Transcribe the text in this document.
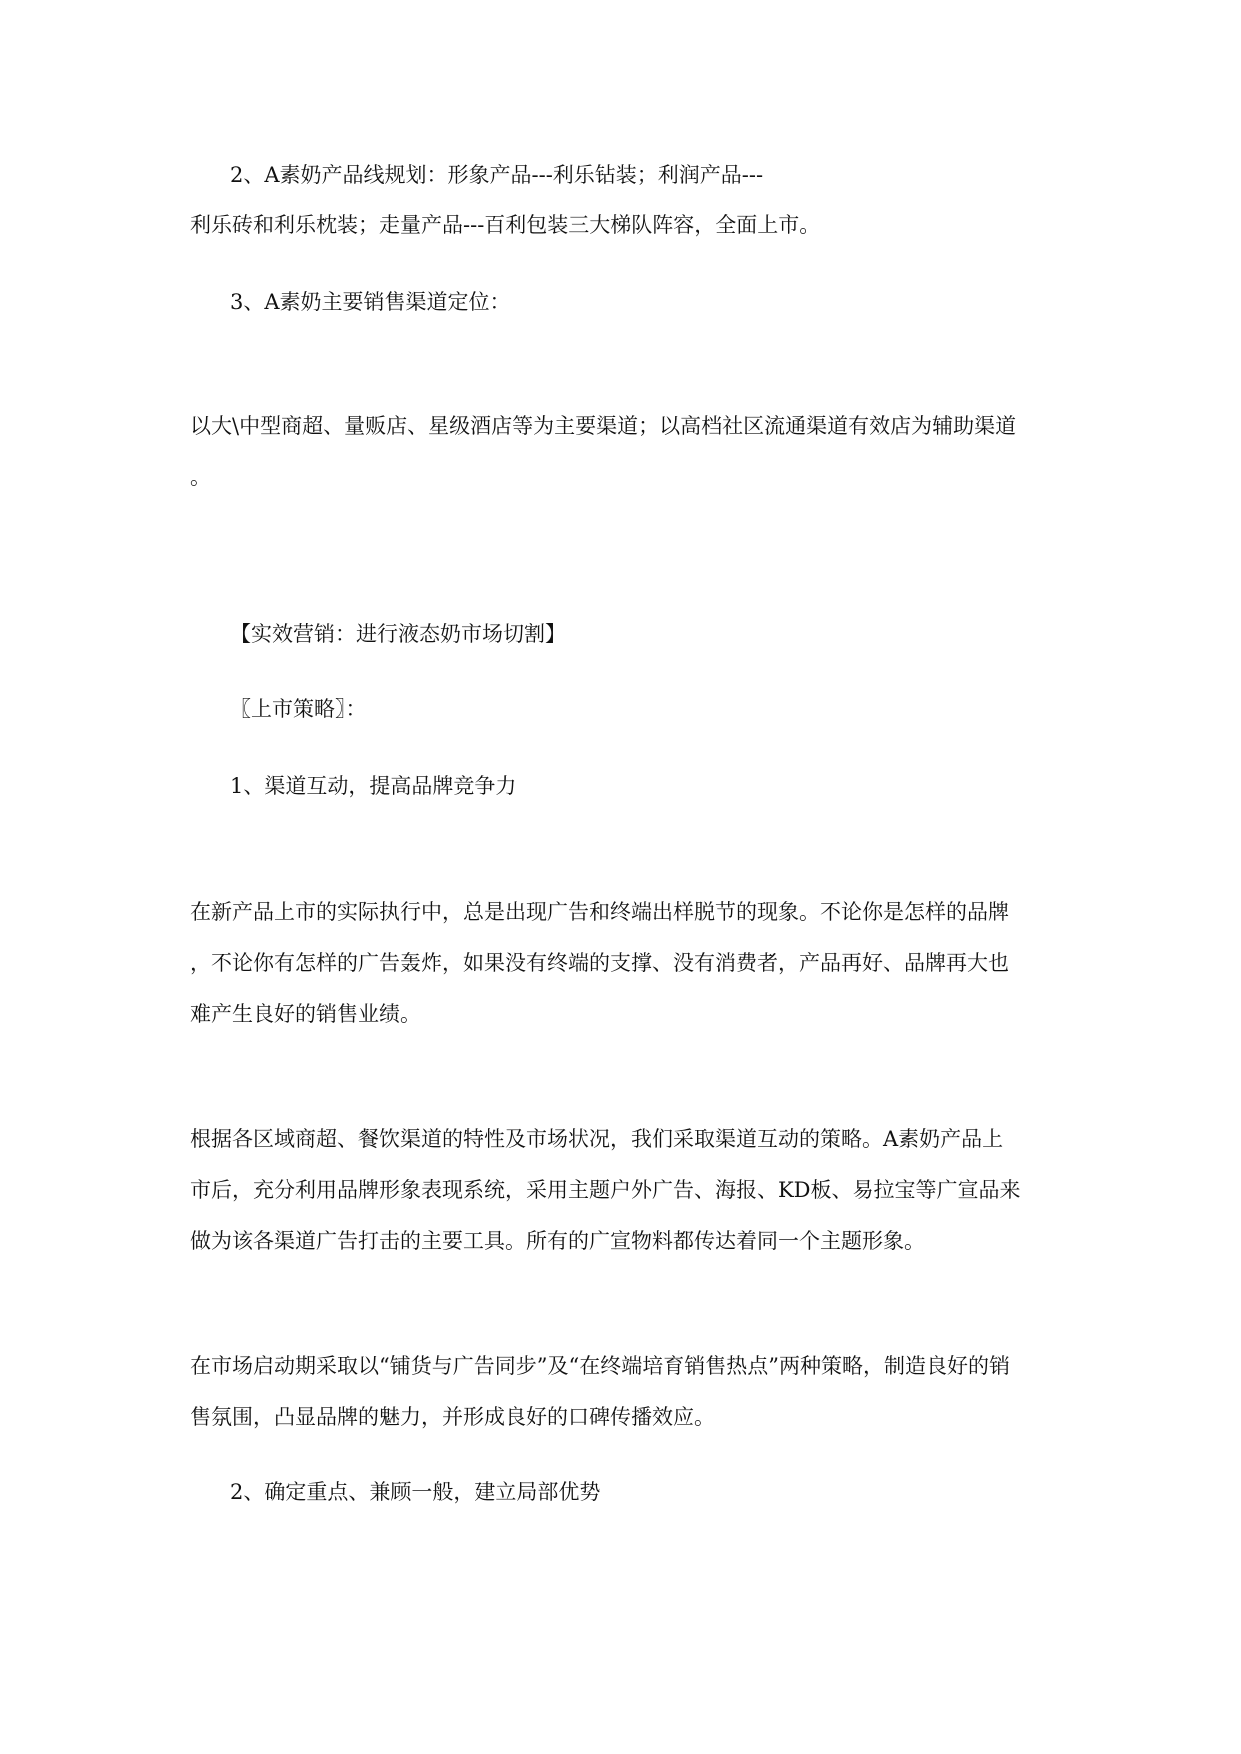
2、A素奶产品线规划：形象产品---利乐钻装；利润产品---
利乐砖和利乐枕装；走量产品---百利包装三大梯队阵容，全面上市。
3、A素奶主要销售渠道定位：
以大\中型商超、量贩店、星级酒店等为主要渠道；以高档社区流通渠道有效店为辅助渠道
。
【实效营销：进行液态奶市场切割】
〖上市策略〗：
1、渠道互动，提高品牌竞争力
在新产品上市的实际执行中，总是出现广告和终端出样脱节的现象。不论你是怎样的品牌
，不论你有怎样的广告轰炸，如果没有终端的支撑、没有消费者，产品再好、品牌再大也
难产生良好的销售业绩。
根据各区域商超、餐饮渠道的特性及市场状况，我们采取渠道互动的策略。A素奶产品上
市后，充分利用品牌形象表现系统，采用主题户外广告、海报、KD板、易拉宝等广宣品来
做为该各渠道广告打击的主要工具。所有的广宣物料都传达着同一个主题形象。
在市场启动期采取以“铺货与广告同步”及“在终端培育销售热点”两种策略，制造良好的销
售氛围，凸显品牌的魅力，并形成良好的口碑传播效应。
2、确定重点、兼顾一般，建立局部优势
